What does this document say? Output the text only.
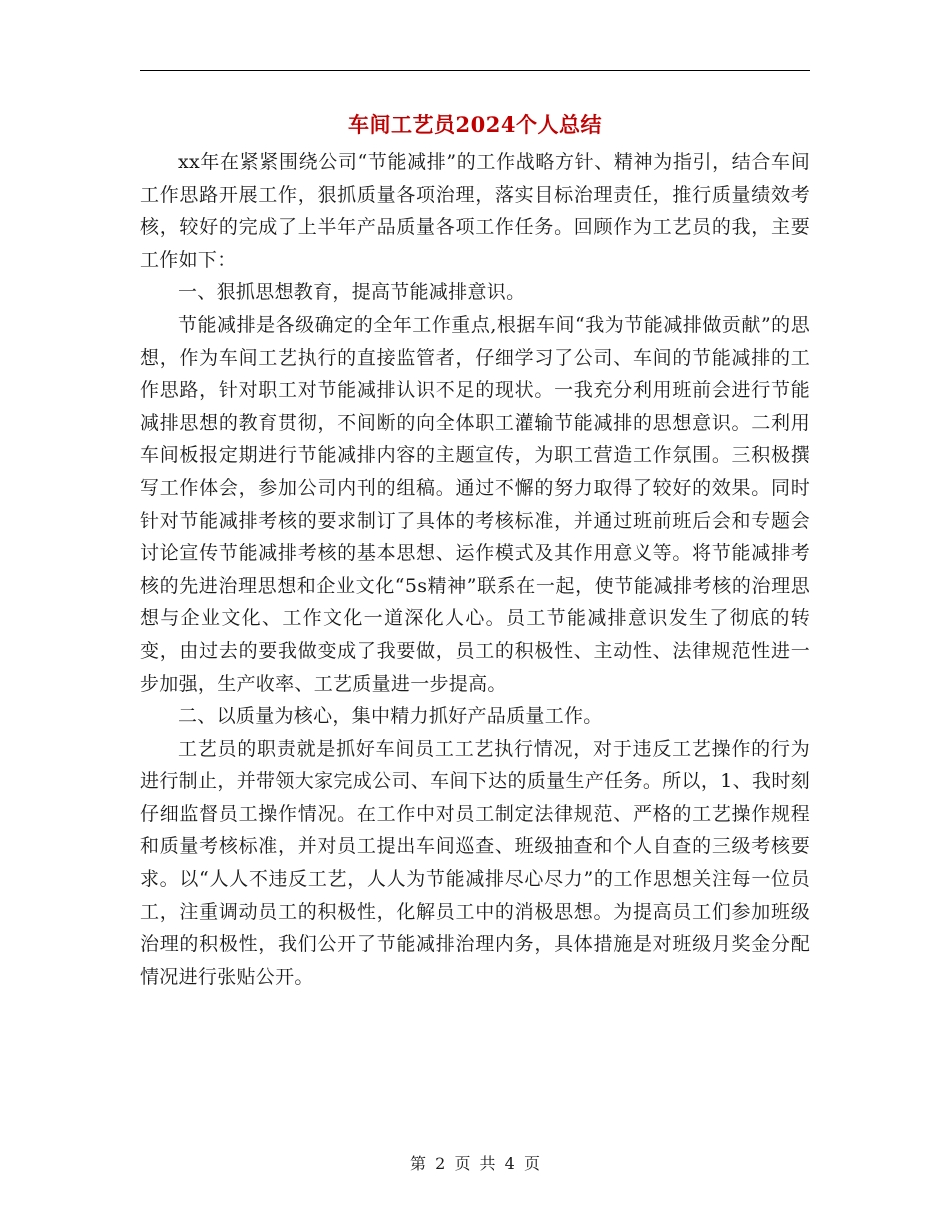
车间工艺员2024个人总结

xx年在紧紧围绕公司“节能减排”的工作战略方针、精神为指引，结合车间工作思路开展工作，狠抓质量各项治理，落实目标治理责任，推行质量绩效考核，较好的完成了上半年产品质量各项工作任务。回顾作为工艺员的我，主要工作如下：

一、狠抓思想教育，提高节能减排意识。

节能减排是各级确定的全年工作重点,根据车间“我为节能减排做贡献”的思想，作为车间工艺执行的直接监管者，仔细学习了公司、车间的节能减排的工作思路，针对职工对节能减排认识不足的现状。一我充分利用班前会进行节能减排思想的教育贯彻，不间断的向全体职工灌输节能减排的思想意识。二利用车间板报定期进行节能减排内容的主题宣传，为职工营造工作氛围。三积极撰写工作体会，参加公司内刊的组稿。通过不懈的努力取得了较好的效果。同时针对节能减排考核的要求制订了具体的考核标准，并通过班前班后会和专题会讨论宣传节能减排考核的基本思想、运作模式及其作用意义等。将节能减排考核的先进治理思想和企业文化“5s精神”联系在一起，使节能减排考核的治理思想与企业文化、工作文化一道深化人心。员工节能减排意识发生了彻底的转变，由过去的要我做变成了我要做，员工的积极性、主动性、法律规范性进一步加强，生产收率、工艺质量进一步提高。

二、以质量为核心，集中精力抓好产品质量工作。

工艺员的职责就是抓好车间员工工艺执行情况，对于违反工艺操作的行为进行制止，并带领大家完成公司、车间下达的质量生产任务。所以，1、我时刻仔细监督员工操作情况。在工作中对员工制定法律规范、严格的工艺操作规程和质量考核标准，并对员工提出车间巡查、班级抽查和个人自查的三级考核要求。以“人人不违反工艺，人人为节能减排尽心尽力”的工作思想关注每一位员工，注重调动员工的积极性，化解员工中的消极思想。为提高员工们参加班级治理的积极性，我们公开了节能减排治理内务，具体措施是对班级月奖金分配情况进行张贴公开。

第 2 页 共 4 页
